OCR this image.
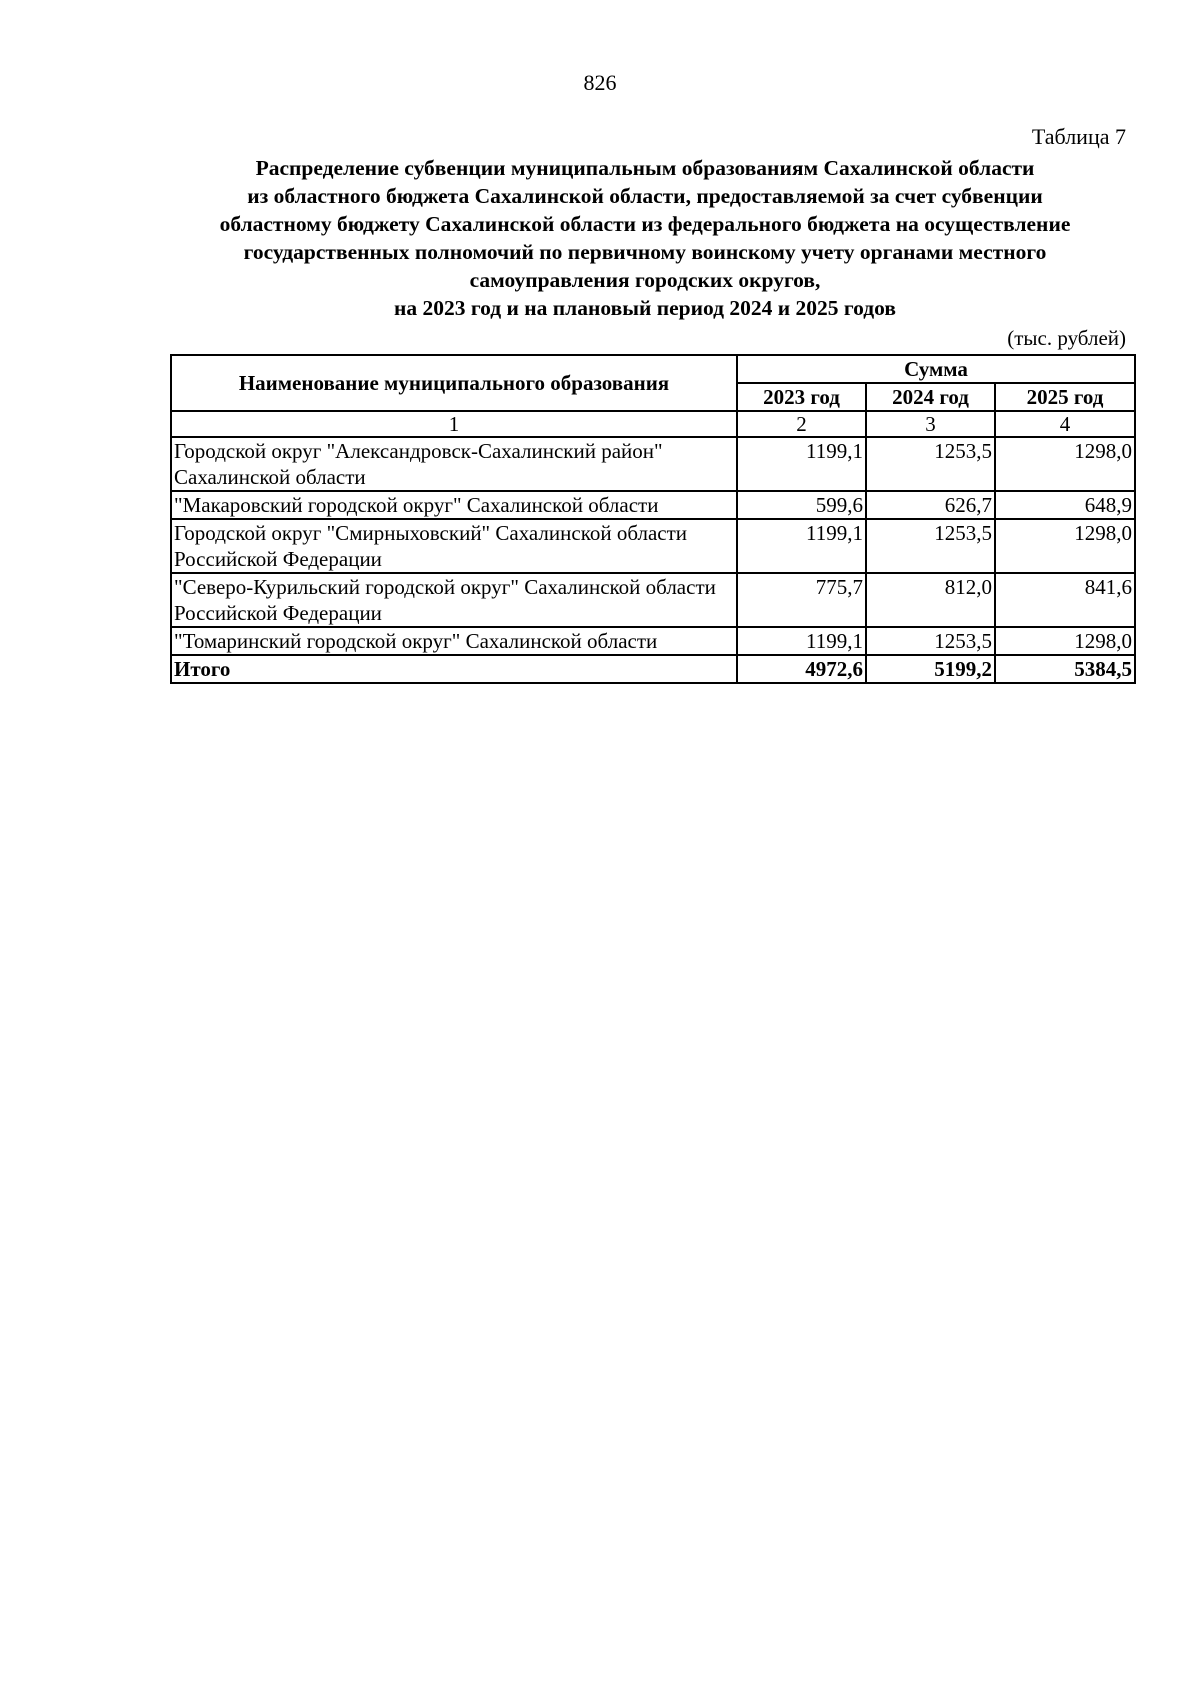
826
Таблица 7
Распределение субвенции муниципальным образованиям Сахалинской области
из областного бюджета Сахалинской области, предоставляемой за счет субвенции
областному бюджету Сахалинской области из федерального бюджета на осуществление
государственных полномочий по первичному воинскому учету органами местного
самоуправления городских округов,
на 2023 год и на плановый период 2024 и 2025 годов
(тыс. рублей)
Наименование муниципального образования	Сумма		
	2023 год	2024 год	2025 год
1	2	3	4
Городской округ "Александровск-Сахалинский район" Сахалинской области	1199,1	1253,5	1298,0
"Макаровский городской округ" Сахалинской области	599,6	626,7	648,9
Городской округ "Смирныховский" Сахалинской области Российской Федерации	1199,1	1253,5	1298,0
"Северо-Курильский городской округ" Сахалинской области Российской Федерации	775,7	812,0	841,6
"Томаринский городской округ" Сахалинской области	1199,1	1253,5	1298,0
Итого	4972,6	5199,2	5384,5
